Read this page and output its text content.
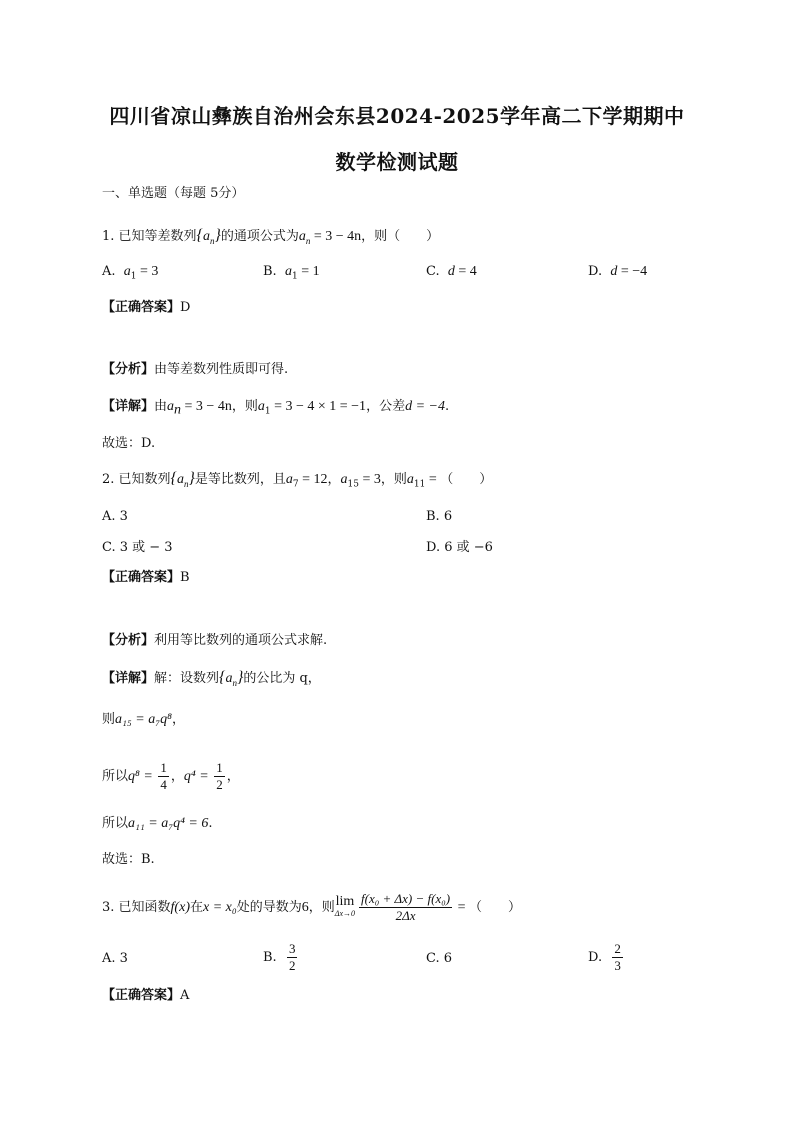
四川省凉山彝族自治州会东县2024-2025学年高二下学期期中
数学检测试题
一、单选题（每题 5分）
1. 已知等差数列$\{a_n\}$的通项公式为$a_n = 3 - 4n$，则（　　）
A. $a_1 = 3$	B. $a_1 = 1$	C. d = 4	D. d = −4
【正确答案】D
【分析】由等差数列性质即可得.
【详解】由$a_n = 3 - 4n$，则$a_1 = 3 - 4 \times 1 = -1$，公差d = −4.
故选：D.
2. 已知数列$\{a_n\}$是等比数列，且$a_7 = 12$，$a_{15} = 3$，则$a_{11}$ = （　　）
A. 3	B. 6
C. 3 或 − 3	D. 6 或 −6
【正确答案】B
【分析】利用等比数列的通项公式求解.
【详解】解：设数列$\{a_n\}$的公比为 q，
则a₁₅ = a₇q⁸，
所以$q^8 = \frac{1}{4}$ ，$q^4 = \frac{1}{2}$ ，
所以a₁₁ = a₇q⁴ = 6.
故选：B.
3. 已知函数f(x)在x = x₀处的导数为6，则 lim
$\Delta x\to 0 \frac{\text{f(x₀ + Δx) − f(x₀)}}{2\Delta x}$ = （　　）
A. 3	B. $\frac{3}{2}$	C. 6	D. $\frac{2}{3}$
【正确答案】A
